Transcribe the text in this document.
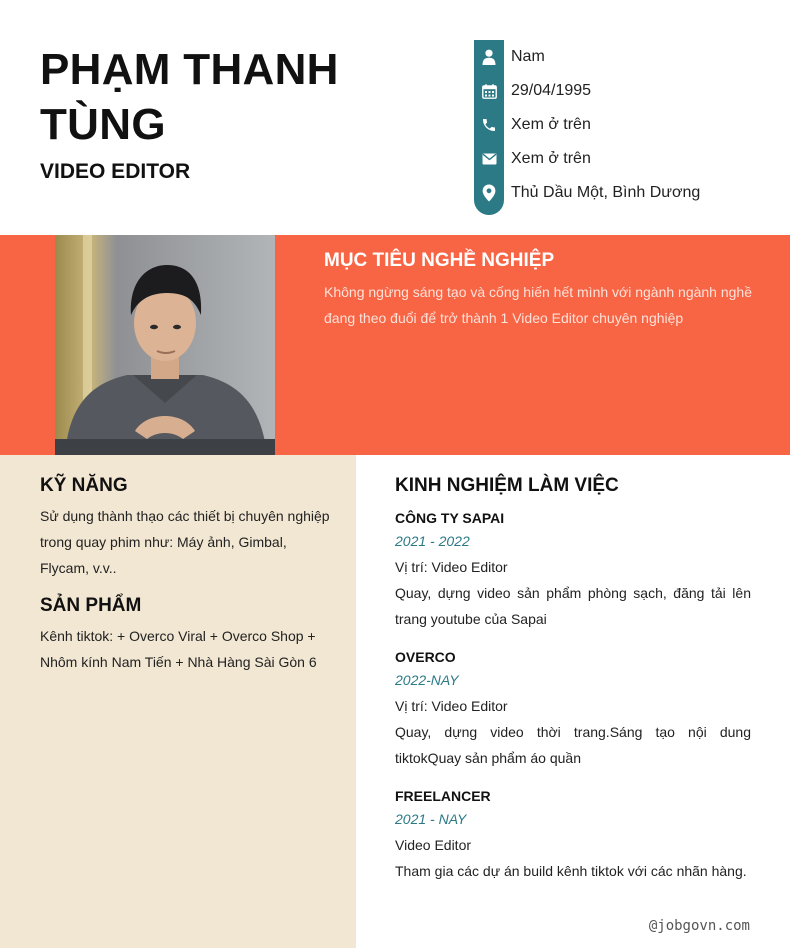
PHẠM THANH TÙNG
VIDEO EDITOR
Nam
29/04/1995
Xem ở trên
Xem ở trên
Thủ Dầu Một, Bình Dương
MỤC TIÊU NGHỀ NGHIỆP
Không ngừng sáng tạo và cống hiến hết mình với ngành ngành nghề đang theo đuổi để trở thành 1 Video Editor chuyên nghiệp
KỸ NĂNG
Sử dụng thành thạo các thiết bị chuyên nghiệp trong quay phim như: Máy ảnh, Gimbal, Flycam, v.v..
SẢN PHẨM
Kênh tiktok: + Overco Viral + Overco Shop + Nhôm kính Nam Tiến + Nhà Hàng Sài Gòn 6
KINH NGHIỆM LÀM VIỆC
CÔNG TY SAPAI
2021 - 2022
Vị trí: Video Editor
Quay, dựng video sản phẩm phòng sạch, đăng tải lên trang youtube của Sapai
OVERCO
2022-NAY
Vị trí: Video Editor
Quay, dựng video thời trang.Sáng tạo nội dung tiktokQuay sản phẩm áo quần
FREELANCER
2021 - NAY
Video Editor
Tham gia các dự án build kênh tiktok với các nhãn hàng.
@jobgovn.com
